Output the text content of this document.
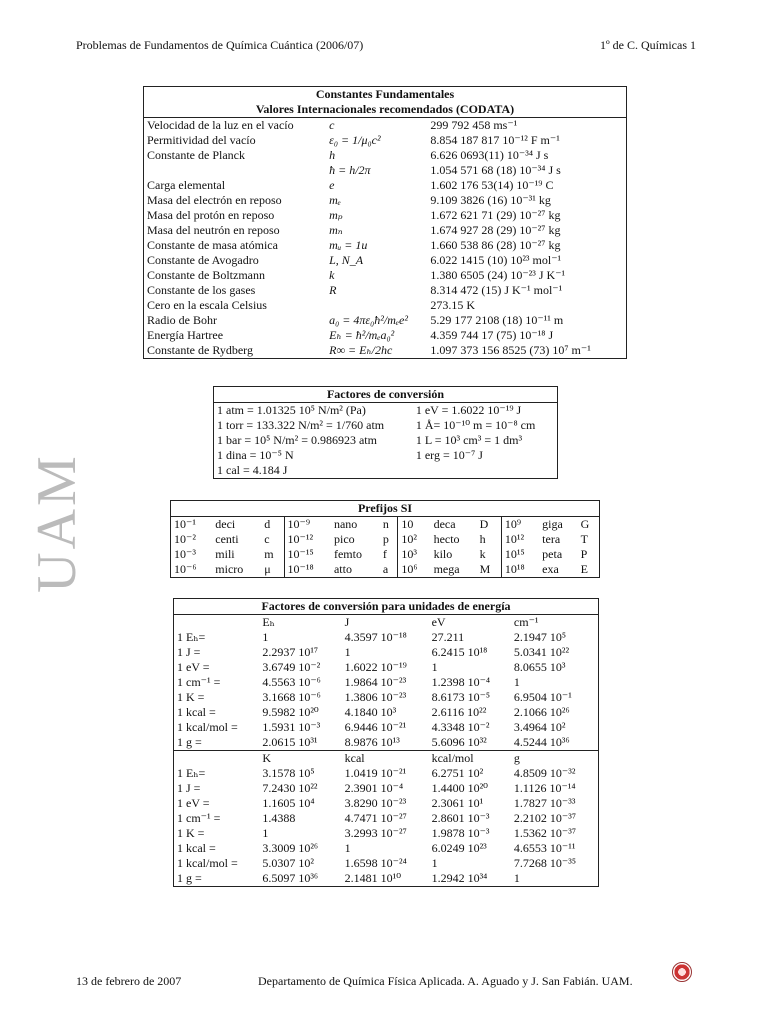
Problemas de Fundamentos de Química Cuántica (2006/07)	1º de C. Químicas 1
UAM
Constantes Fundamentales		
Valores Internacionales recomendados (CODATA)		
Velocidad de la luz en el vacío	c	299 792 458 ms⁻¹
Permitividad del vacío	ε₀ = 1/μ₀c²	8.854 187 817 10⁻¹² F m⁻¹
Constante de Planck	h	6.626 0693(11) 10⁻³⁴ J s
	ħ = h/2π	1.054 571 68 (18) 10⁻³⁴ J s
Carga elemental	e	1.602 176 53(14) 10⁻¹⁹ C
Masa del electrón en reposo	mₑ	9.109 3826 (16) 10⁻³¹ kg
Masa del protón en reposo	mₚ	1.672 621 71 (29) 10⁻²⁷ kg
Masa del neutrón en reposo	mₙ	1.674 927 28 (29) 10⁻²⁷ kg
Constante de masa atómica	mᵤ = 1u	1.660 538 86 (28) 10⁻²⁷ kg
Constante de Avogadro	L, N_A	6.022 1415 (10) 10²³ mol⁻¹
Constante de Boltzmann	k	1.380 6505 (24) 10⁻²³ J K⁻¹
Constante de los gases	R	8.314 472 (15) J K⁻¹ mol⁻¹
Cero en la escala Celsius		273.15 K
Radio de Bohr	a₀ = 4πε₀ħ²/mₑe²	5.29 177 2108 (18) 10⁻¹¹ m
Energía Hartree	Eₕ = ħ²/mₑa₀²	4.359 744 17 (75) 10⁻¹⁸ J
Constante de Rydberg	R∞ = Eₕ/2hc	1.097 373 156 8525 (73) 10⁷ m⁻¹
Factores de conversión	
1 atm = 1.01325 10⁵ N/m² (Pa)	1 eV = 1.6022 10⁻¹⁹ J
1 torr = 133.322 N/m² = 1/760 atm	1 Å= 10⁻¹⁰ m = 10⁻⁸ cm
1 bar = 10⁵ N/m² = 0.986923 atm	1 L = 10³ cm³ = 1 dm³
1 dina = 10⁻⁵ N	1 erg = 10⁻⁷ J
1 cal = 4.184 J	
Prefijos SI											
10⁻¹	deci	d	10⁻⁹	nano	n	10	deca	D	10⁹	giga	G
10⁻²	centi	c	10⁻¹²	pico	p	10²	hecto	h	10¹²	tera	T
10⁻³	mili	m	10⁻¹⁵	femto	f	10³	kilo	k	10¹⁵	peta	P
10⁻⁶	micro	μ	10⁻¹⁸	atto	a	10⁶	mega	M	10¹⁸	exa	E
Factores de conversión para unidades de energía				
	Eₕ	J	eV	cm⁻¹
1 Eₕ=	1	4.3597 10⁻¹⁸	27.211	2.1947 10⁵
1 J =	2.2937 10¹⁷	1	6.2415 10¹⁸	5.0341 10²²
1 eV =	3.6749 10⁻²	1.6022 10⁻¹⁹	1	8.0655 10³
1 cm⁻¹ =	4.5563 10⁻⁶	1.9864 10⁻²³	1.2398 10⁻⁴	1
1 K =	3.1668 10⁻⁶	1.3806 10⁻²³	8.6173 10⁻⁵	6.9504 10⁻¹
1 kcal =	9.5982 10²⁰	4.1840 10³	2.6116 10²²	2.1066 10²⁶
1 kcal/mol =	1.5931 10⁻³	6.9446 10⁻²¹	4.3348 10⁻²	3.4964 10²
1 g =	2.0615 10³¹	8.9876 10¹³	5.6096 10³²	4.5244 10³⁶
	K	kcal	kcal/mol	g
1 Eₕ=	3.1578 10⁵	1.0419 10⁻²¹	6.2751 10²	4.8509 10⁻³²
1 J =	7.2430 10²²	2.3901 10⁻⁴	1.4400 10²⁰	1.1126 10⁻¹⁴
1 eV =	1.1605 10⁴	3.8290 10⁻²³	2.3061 10¹	1.7827 10⁻³³
1 cm⁻¹ =	1.4388	4.7471 10⁻²⁷	2.8601 10⁻³	2.2102 10⁻³⁷
1 K =	1	3.2993 10⁻²⁷	1.9878 10⁻³	1.5362 10⁻³⁷
1 kcal =	3.3009 10²⁶	1	6.0249 10²³	4.6553 10⁻¹¹
1 kcal/mol =	5.0307 10²	1.6598 10⁻²⁴	1	7.7268 10⁻³⁵
1 g =	6.5097 10³⁶	2.1481 10¹⁰	1.2942 10³⁴	1
13 de febrero de 2007	Departamento de Química Física Aplicada. A. Aguado y J. San Fabián. UAM.
